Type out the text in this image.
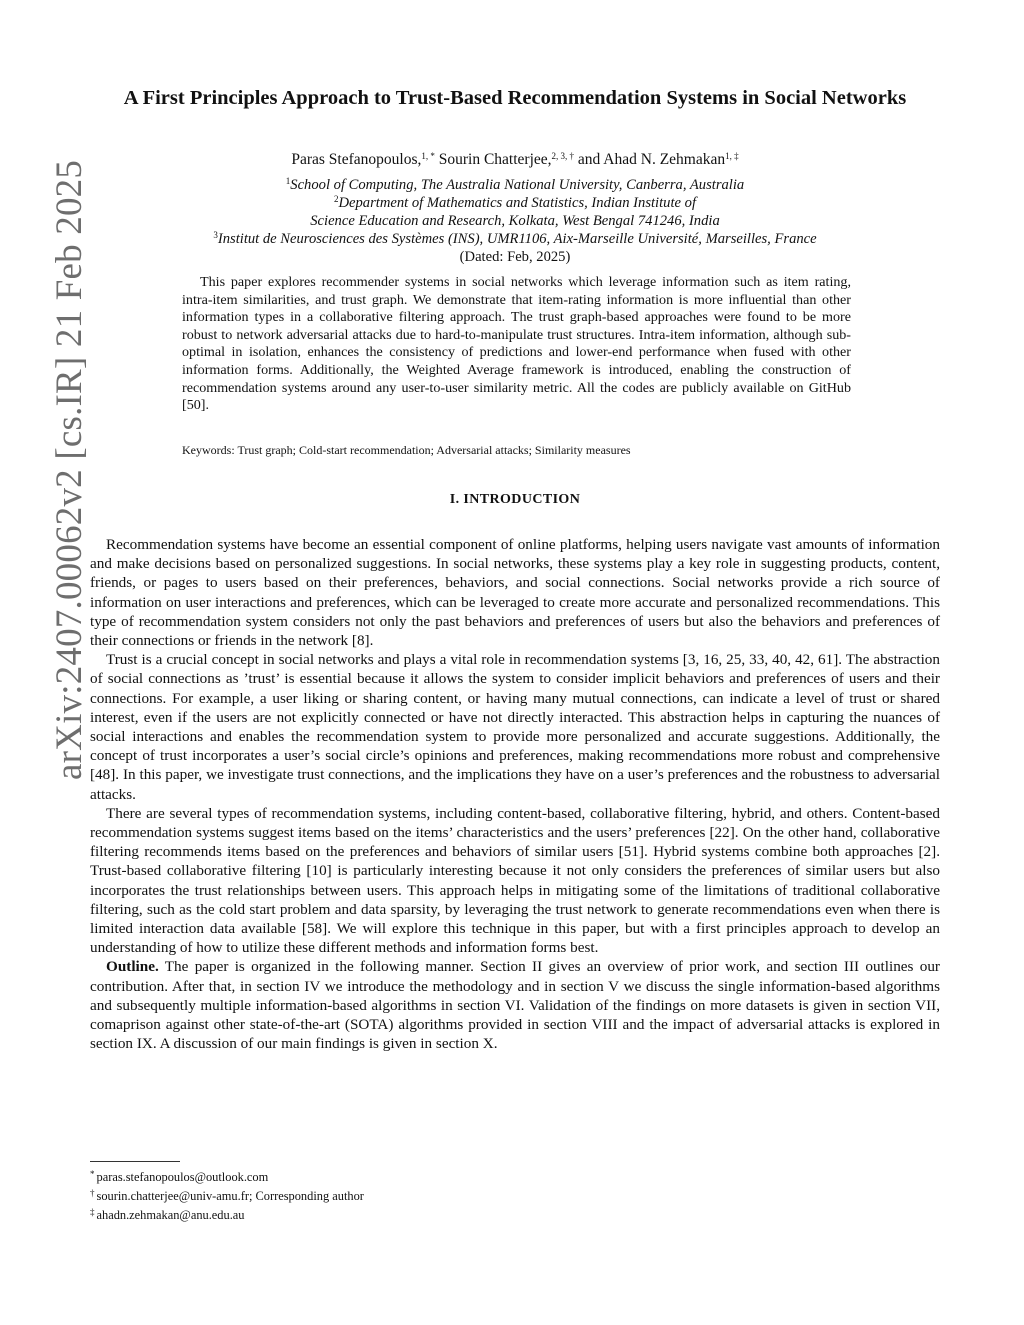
arXiv:2407.00062v2 [cs.IR] 21 Feb 2025
A First Principles Approach to Trust-Based Recommendation Systems in Social Networks

Paras Stefanopoulos,$^{1, *}$ Sourin Chatterjee,$^{2, 3, \dagger}$ and Ahad N. Zehmakan$^{1, \ddagger}$

$^1$School of Computing, The Australia National University, Canberra, Australia
$^2$Department of Mathematics and Statistics, Indian Institute of
Science Education and Research, Kolkata, West Bengal 741246, India
$^3$Institut de Neurosciences des Systèmes (INS), UMR1106, Aix-Marseille Université, Marseilles, France
(Dated: Feb, 2025)

This paper explores recommender systems in social networks which leverage information such as item rating, intra-item similarities, and trust graph. We demonstrate that item-rating information is more influential than other information types in a collaborative filtering approach. The trust graph-based approaches were found to be more robust to network adversarial attacks due to hard-to-manipulate trust structures. Intra-item information, although sub-optimal in isolation, enhances the consistency of predictions and lower-end performance when fused with other information forms. Additionally, the Weighted Average framework is introduced, enabling the construction of recommendation systems around any user-to-user similarity metric. All the codes are publicly available on GitHub [50].

Keywords: Trust graph; Cold-start recommendation; Adversarial attacks; Similarity measures

I. INTRODUCTION

Recommendation systems have become an essential component of online platforms, helping users navigate vast amounts of information and make decisions based on personalized suggestions. In social networks, these systems play a key role in suggesting products, content, friends, or pages to users based on their preferences, behaviors, and social connections. Social networks provide a rich source of information on user interactions and preferences, which can be leveraged to create more accurate and personalized recommendations. This type of recommendation system considers not only the past behaviors and preferences of users but also the behaviors and preferences of their connections or friends in the network [8].

Trust is a crucial concept in social networks and plays a vital role in recommendation systems [3, 16, 25, 33, 40, 42, 61]. The abstraction of social connections as ’trust’ is essential because it allows the system to consider implicit behaviors and preferences of users and their connections. For example, a user liking or sharing content, or having many mutual connections, can indicate a level of trust or shared interest, even if the users are not explicitly connected or have not directly interacted. This abstraction helps in capturing the nuances of social interactions and enables the recommendation system to provide more personalized and accurate suggestions. Additionally, the concept of trust incorporates a user’s social circle’s opinions and preferences, making recommendations more robust and comprehensive [48]. In this paper, we investigate trust connections, and the implications they have on a user’s preferences and the robustness to adversarial attacks.

There are several types of recommendation systems, including content-based, collaborative filtering, hybrid, and others. Content-based recommendation systems suggest items based on the items’ characteristics and the users’ preferences [22]. On the other hand, collaborative filtering recommends items based on the preferences and behaviors of similar users [51]. Hybrid systems combine both approaches [2]. Trust-based collaborative filtering [10] is particularly interesting because it not only considers the preferences of similar users but also incorporates the trust relationships between users. This approach helps in mitigating some of the limitations of traditional collaborative filtering, such as the cold start problem and data sparsity, by leveraging the trust network to generate recommendations even when there is limited interaction data available [58]. We will explore this technique in this paper, but with a first principles approach to develop an understanding of how to utilize these different methods and information forms best.

Outline. The paper is organized in the following manner. Section II gives an overview of prior work, and section III outlines our contribution. After that, in section IV we introduce the methodology and in section V we discuss the single information-based algorithms and subsequently multiple information-based algorithms in section VI. Validation of the findings on more datasets is given in section VII, comaprison against other state-of-the-art (SOTA) algorithms provided in section VIII and the impact of adversarial attacks is explored in section IX. A discussion of our main findings is given in section X.

* paras.stefanopoulos@outlook.com
† sourin.chatterjee@univ-amu.fr; Corresponding author
‡ ahadn.zehmakan@anu.edu.au
